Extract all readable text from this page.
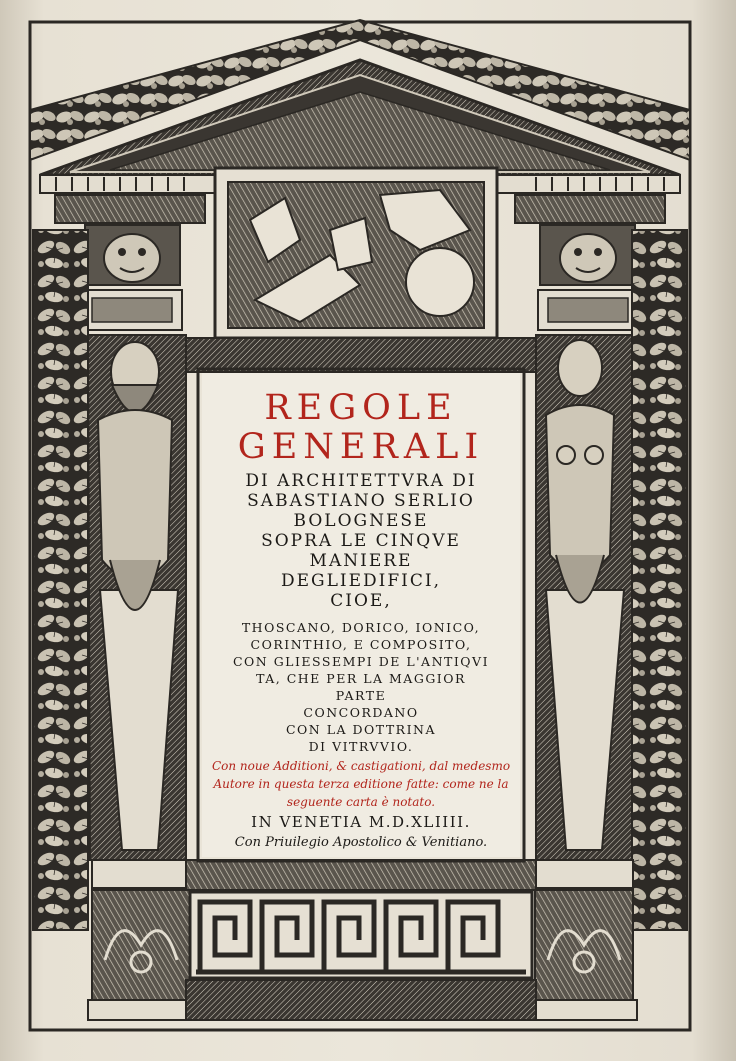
REGOLE
GENERALI
DI ARCHITETTVRA DI
SABASTIANO SERLIO
BOLOGNESE
SOPRA LE CINQVE
MANIERE
DEGLIEDIFICI,
CIOE,
THOSCANO, DORICO, IONICO,
CORINTHIO, E COMPOSITO,
CON GLIESSEMPI DE L'ANTIQVI
TA, CHE PER LA MAGGIOR
PARTE
CONCORDANO
CON LA DOTTRINA
DI VITRVVIO.
Con noue Additioni, & castigationi, dal medesmo
Autore in questa terza editione fatte: come ne la
seguente carta è notato.
IN VENETIA M.D.XLIIII.
Con Priuilegio Apostolico & Venitiano.
